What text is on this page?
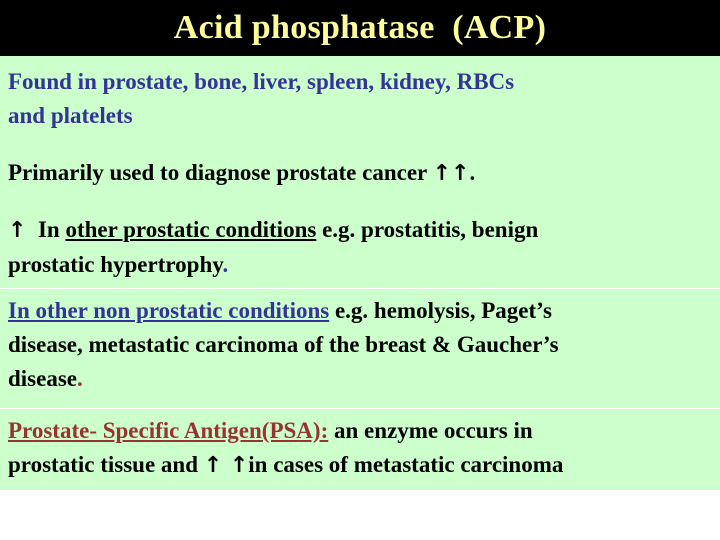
Acid phosphatase  (ACP)
Found in prostate, bone, liver, spleen, kidney, RBCs
and platelets
Primarily used to diagnose prostate cancer ↑↑.
↑  In other prostatic conditions e.g. prostatitis, benign
prostatic hypertrophy.
In other non prostatic conditions e.g. hemolysis, Paget’s
disease, metastatic carcinoma of the breast & Gaucher’s
disease.
Prostate- Specific Antigen(PSA): an enzyme occurs in
prostatic tissue and ↑ ↑in cases of metastatic carcinoma
